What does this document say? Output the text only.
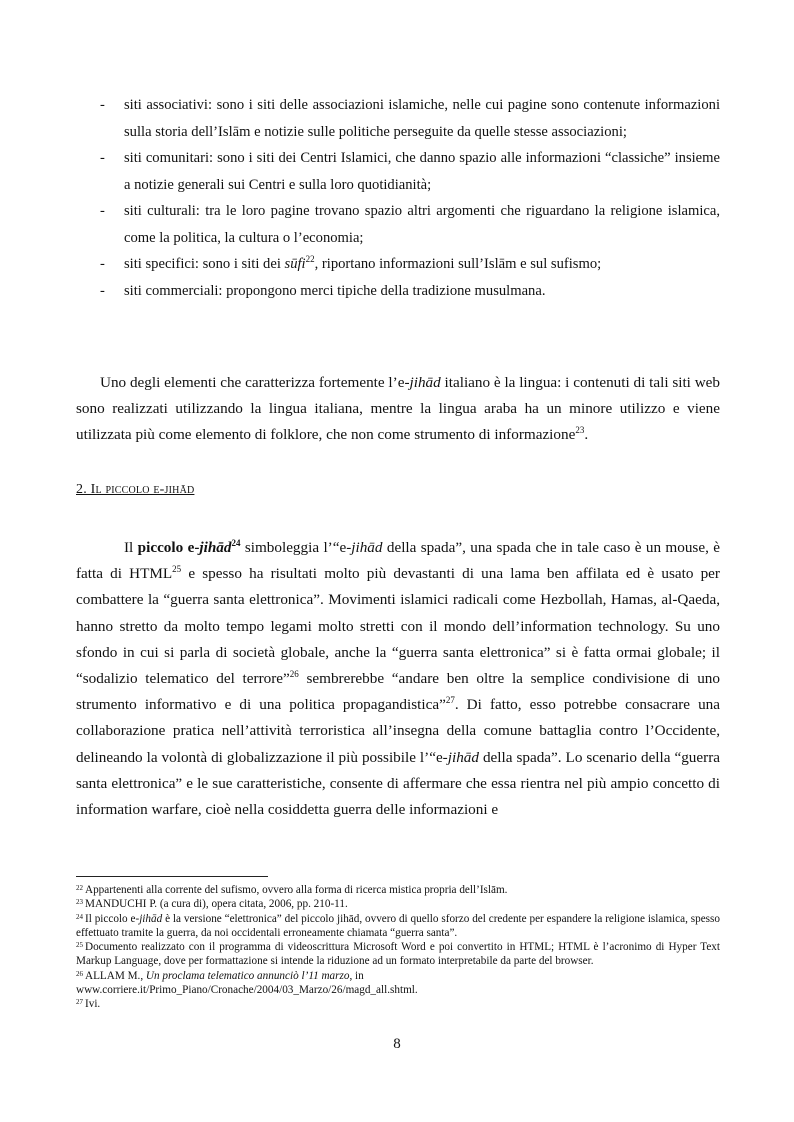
- siti associativi: sono i siti delle associazioni islamiche, nelle cui pagine sono contenute informazioni sulla storia dell’Islām e notizie sulle politiche perseguite da quelle stesse associazioni;
- siti comunitari: sono i siti dei Centri Islamici, che danno spazio alle informazioni “classiche” insieme a notizie generali sui Centri e sulla loro quotidianità;
- siti culturali: tra le loro pagine trovano spazio altri argomenti che riguardano la religione islamica, come la politica, la cultura o l’economia;
- siti specifici: sono i siti dei sūfi$^{22}$, riportano informazioni sull’Islām e sul sufismo;
- siti commerciali: propongono merci tipiche della tradizione musulmana.

Uno degli elementi che caratterizza fortemente l’e-jihād italiano è la lingua: i contenuti di tali siti web sono realizzati utilizzando la lingua italiana, mentre la lingua araba ha un minore utilizzo e viene utilizzata più come elemento di folklore, che non come strumento di informazione$^{23}$.

2. Il piccolo e-jihād

Il piccolo e-jihād$^{24}$ simboleggia l’“e-jihād della spada”, una spada che in tale caso è un mouse, è fatta di HTML$^{25}$ e spesso ha risultati molto più devastanti di una lama ben affilata ed è usato per combattere la “guerra santa elettronica”. Movimenti islamici radicali come Hezbollah, Hamas, al-Qaeda, hanno stretto da molto tempo legami molto stretti con il mondo dell’information technology. Su uno sfondo in cui si parla di società globale, anche la “guerra santa elettronica” si è fatta ormai globale; il “sodalizio telematico del terrore”$^{26}$ sembrerebbe “andare ben oltre la semplice condivisione di uno strumento informativo e di una politica propagandistica”$^{27}$. Di fatto, esso potrebbe consacrare una collaborazione pratica nell’attività terroristica all’insegna della comune battaglia contro l’Occidente, delineando la volontà di globalizzazione il più possibile l’“e-jihād della spada”. Lo scenario della “guerra santa elettronica” e le sue caratteristiche, consente di affermare che essa rientra nel più ampio concetto di information warfare, cioè nella cosiddetta guerra delle informazioni e

$^{22}$ Appartenenti alla corrente del sufismo, ovvero alla forma di ricerca mistica propria dell’Islām.
$^{23}$ MANDUCHI P. (a cura di), opera citata, 2006, pp. 210-11.
$^{24}$ Il piccolo e-jihād è la versione “elettronica” del piccolo jihād, ovvero di quello sforzo del credente per espandere la religione islamica, spesso effettuato tramite la guerra, da noi occidentali erroneamente chiamata “guerra santa”.
$^{25}$ Documento realizzato con il programma di videoscrittura Microsoft Word e poi convertito in HTML; HTML è l’acronimo di Hyper Text Markup Language, dove per formattazione si intende la riduzione ad un formato interpretabile da parte del browser.
$^{26}$ ALLAM M., Un proclama telematico annunciò l’11 marzo, in
www.corriere.it/Primo_Piano/Cronache/2004/03_Marzo/26/magd_all.shtml.
$^{27}$ Ivi.
8
